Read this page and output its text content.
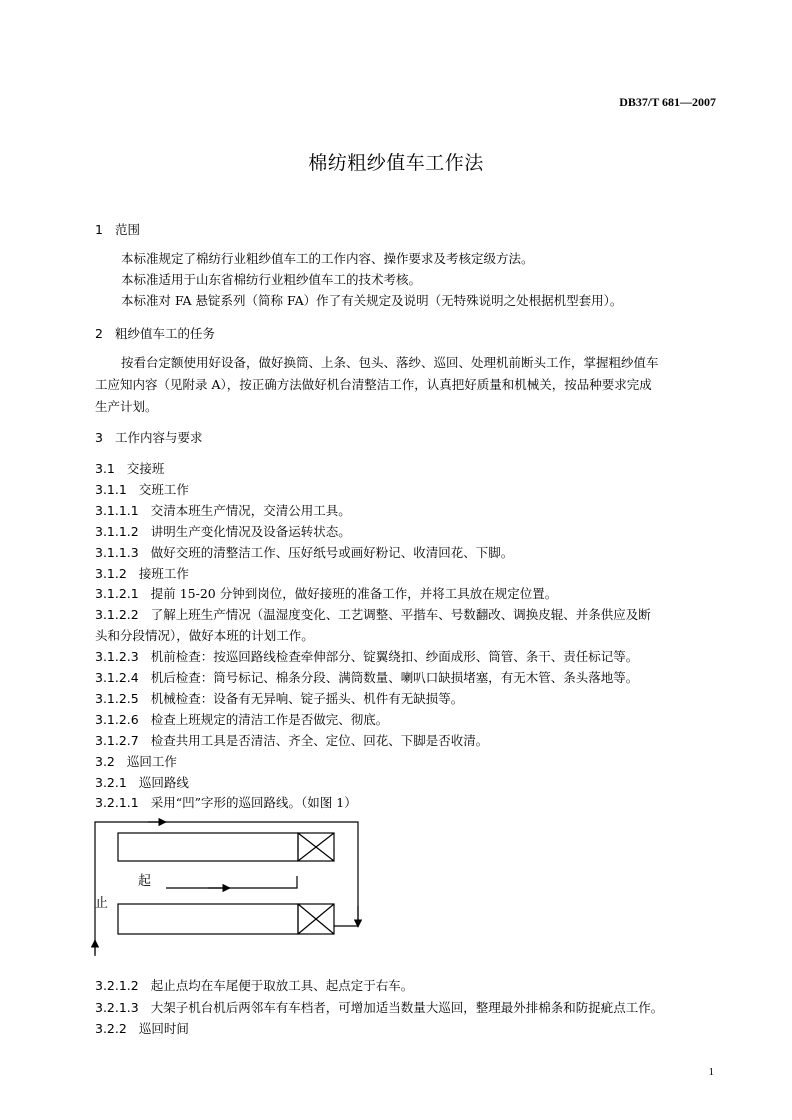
DB37/T 681—2007
棉纺粗纱值车工作法
1 范围
本标准规定了棉纺行业粗纱值车工的工作内容、操作要求及考核定级方法。
本标准适用于山东省棉纺行业粗纱值车工的技术考核。
本标准对 FA 悬锭系列（简称 FA）作了有关规定及说明（无特殊说明之处根据机型套用）。
2 粗纱值车工的任务
按看台定额使用好设备，做好换筒、上条、包头、落纱、巡回、处理机前断头工作，掌握粗纱值车
工应知内容（见附录 A），按正确方法做好机台清整洁工作，认真把好质量和机械关，按品种要求完成
生产计划。
3 工作内容与要求
3.1 交接班
3.1.1 交班工作
3.1.1.1 交清本班生产情况，交清公用工具。
3.1.1.2 讲明生产变化情况及设备运转状态。
3.1.1.3 做好交班的清整洁工作、压好纸号或画好粉记、收清回花、下脚。
3.1.2 接班工作
3.1.2.1 提前 15-20 分钟到岗位，做好接班的准备工作，并将工具放在规定位置。
3.1.2.2 了解上班生产情况（温湿度变化、工艺调整、平揩车、号数翻改、调换皮辊、并条供应及断
头和分段情况），做好本班的计划工作。
3.1.2.3 机前检查：按巡回路线检查牵伸部分、锭翼绕扣、纱面成形、筒管、条干、责任标记等。
3.1.2.4 机后检查：筒号标记、棉条分段、满筒数量、喇叭口缺损堵塞，有无木管、条头落地等。
3.1.2.5 机械检查：设备有无异响、锭子摇头、机件有无缺损等。
3.1.2.6 检查上班规定的清洁工作是否做完、彻底。
3.1.2.7 检查共用工具是否清洁、齐全、定位、回花、下脚是否收清。
3.2 巡回工作
3.2.1 巡回路线
3.2.1.1 采用“凹”字形的巡回路线。（如图 1）
起
止
3.2.1.2 起止点均在车尾便于取放工具、起点定于右车。
3.2.1.3 大架子机台机后两邻车有车档者，可增加适当数量大巡回，整理最外排棉条和防捉疵点工作。
3.2.2 巡回时间
1
